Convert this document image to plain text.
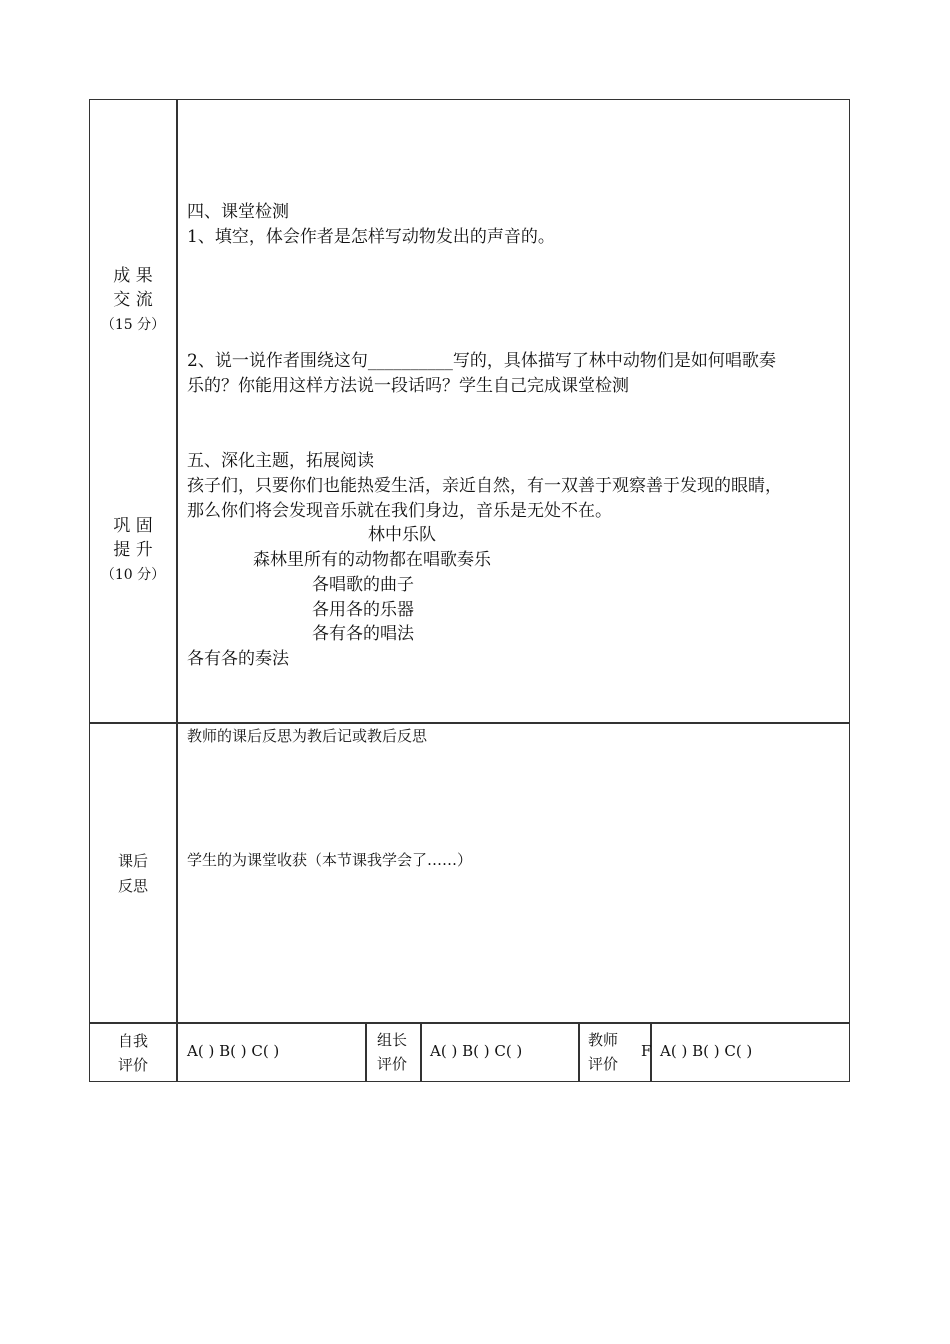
成 果
交 流
（15 分）
巩 固
提 升
（10 分）
课后
反思
自我
评价
四、课堂检测
1、填空，体会作者是怎样写动物发出的声音的。
2、说一说作者围绕这句__________写的，具体描写了林中动物们是如何唱歌奏
乐的？你能用这样方法说一段话吗？学生自己完成课堂检测
五、深化主题，拓展阅读
孩子们，只要你们也能热爱生活，亲近自然，有一双善于观察善于发现的眼睛，
那么你们将会发现音乐就在我们身边，音乐是无处不在。
林中乐队
森林里所有的动物都在唱歌奏乐
各唱歌的曲子
各用各的乐器
各有各的唱法
各有各的奏法
教师的课后反思为教后记或教后反思
学生的为课堂收获（本节课我学会了……）
A( ) B( ) C( )
组长
评价
A( ) B( ) C( )
教师
评价
F A( ) B( ) C( )
